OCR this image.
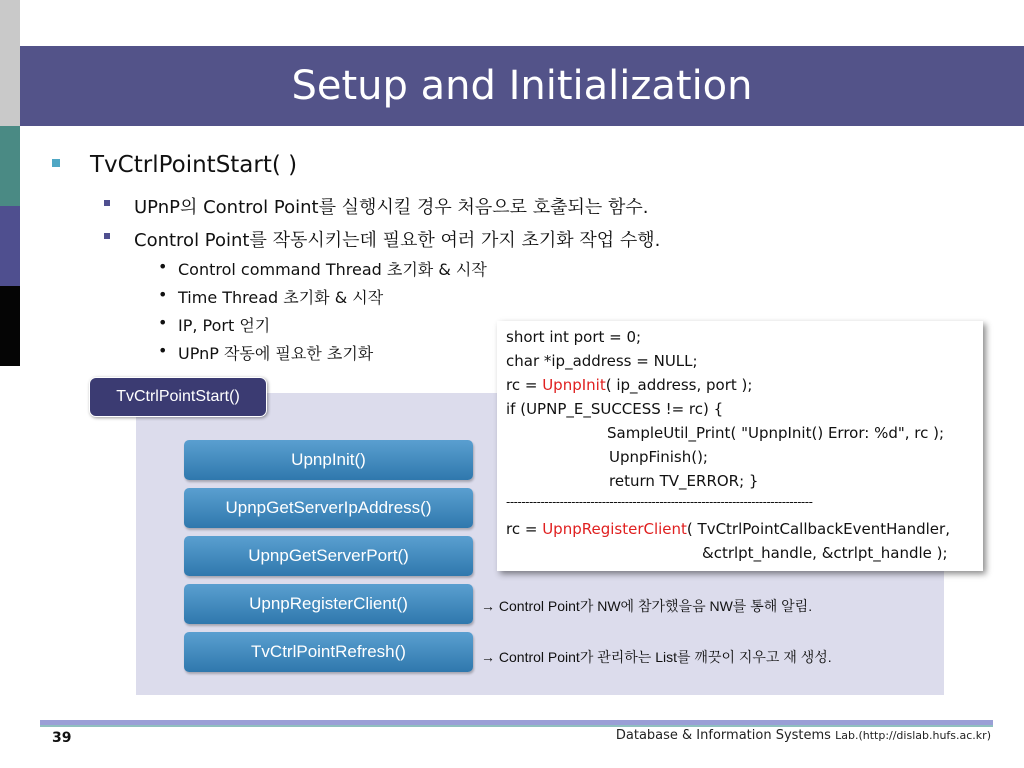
Setup and Initialization
TvCtrlPointStart( )
UPnP의 Control Point를 실행시킬 경우 처음으로 호출되는 함수.
Control Point를 작동시키는데 필요한 여러 가지 초기화 작업 수행.
• Control command Thread 초기화 & 시작
• Time Thread 초기화 & 시작
• IP, Port 얻기
• UPnP 작동에 필요한 초기화
TvCtrlPointStart()
UpnpInit()
UpnpGetServerIpAddress()
UpnpGetServerPort()
UpnpRegisterClient()
TvCtrlPointRefresh()
→ Control Point가 NW에 참가했을음 NW를 통해 알림.
→ Control Point가 관리하는 List를 깨끗이 지우고 재 생성.
short int port = 0;
char *ip_address = NULL;
rc = UpnpInit( ip_address, port );
if (UPNP_E_SUCCESS != rc) {
SampleUtil_Print( "UpnpInit() Error: %d", rc );
UpnpFinish();
return TV_ERROR; }
--------------------------------------------------------------------------------
rc = UpnpRegisterClient( TvCtrlPointCallbackEventHandler,
&ctrlpt_handle, &ctrlpt_handle );
39	Database & Information Systems Lab.(http://dislab.hufs.ac.kr)
